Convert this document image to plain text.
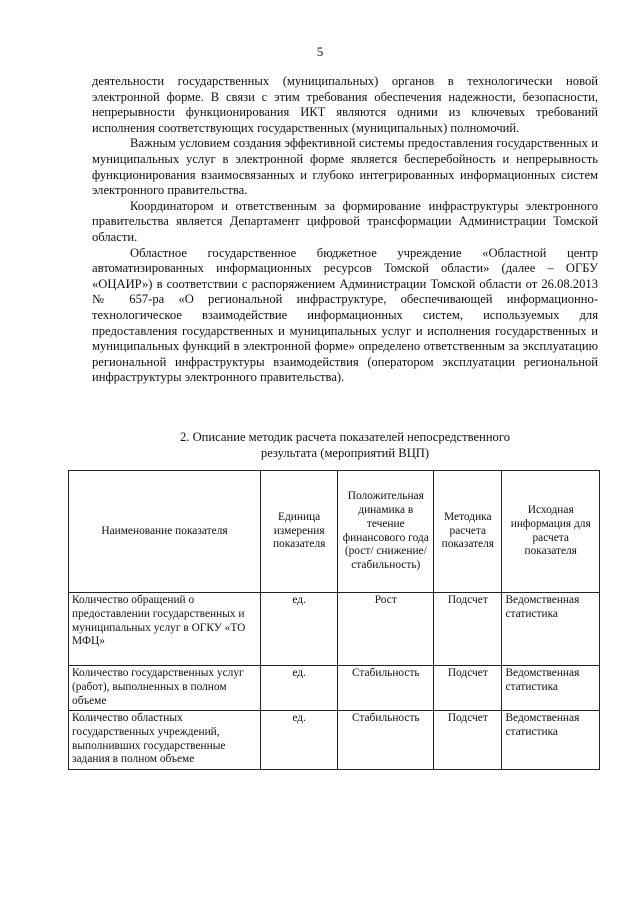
5

деятельности государственных (муниципальных) органов в технологически новой электронной форме. В связи с этим требования обеспечения надежности, безопасности, непрерывности функционирования ИКТ являются одними из ключевых требований исполнения соответствующих государственных (муниципальных) полномочий.

Важным условием создания эффективной системы предоставления государственных и муниципальных услуг в электронной форме является бесперебойность и непрерывность функционирования взаимосвязанных и глубоко интегрированных информационных систем электронного правительства.

Координатором и ответственным за формирование инфраструктуры электронного правительства является Департамент цифровой трансформации Администрации Томской области.

Областное государственное бюджетное учреждение «Областной центр автоматизированных информационных ресурсов Томской области» (далее – ОГБУ «ОЦАИР») в соответствии с распоряжением Администрации Томской области от 26.08.2013 № 657-ра «О региональной инфраструктуре, обеспечивающей информационно-технологическое взаимодействие информационных систем, используемых для предоставления государственных и муниципальных услуг и исполнения государственных и муниципальных функций в электронной форме» определено ответственным за эксплуатацию региональной инфраструктуры взаимодействия (оператором эксплуатации региональной инфраструктуры электронного правительства).

2. Описание методик расчета показателей непосредственного
результата (мероприятий ВЦП)
Наименование показателя	Единица измерения показателя	Положительная динамика в течение финансового года (рост/ снижение/ стабильность)	Методика расчета показателя	Исходная информация для расчета показателя
Количество обращений о предоставлении государственных и муниципальных услуг в ОГКУ «ТО МФЦ»	ед.	Рост	Подсчет	Ведомственная статистика
Количество государственных услуг (работ), выполненных в полном объеме	ед.	Стабильность	Подсчет	Ведомственная статистика
Количество областных государственных учреждений, выполнивших государственные задания в полном объеме	ед.	Стабильность	Подсчет	Ведомственная статистика
